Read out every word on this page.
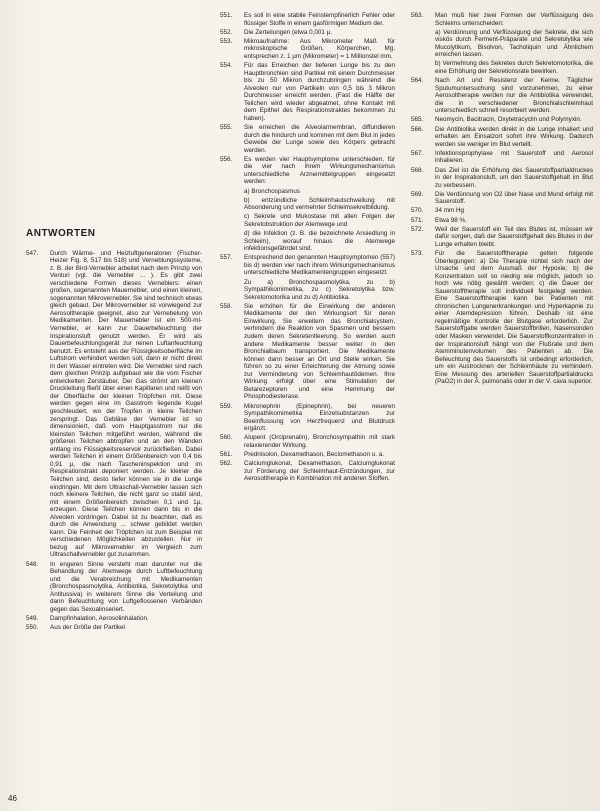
ANTWORTEN
547.	Durch Wärme- und Heizluftgeneratoren (Fischer-Heizer Fig. 8, 517 bis 518) und Verneblungssysteme, z. B. der Bird-Vernebler arbeitet nach dem Prinzip von Venturi (vgl. die Vernebler ... ). Es gibt zwei verschiedene Formen dieses Verneblers: einen großen, sogenannten Mauernebler, und einen kleinen, sogenannten Mikrovernebler. Sie sind technisch etwas gleich gebaut. Der Mikrovernebler ist vorwiegend zur Aerosoltherapie geeignet, also zur Vernebelung von Medikamenten. Der Mauernebler ist ein 500-ml-Vernebler, er kann zur Dauerbefeuchtung der Inspirationsluft genutzt werden. Er wird als Dauerbefeuchtungsgerät zur reinen Luftanfeuchtung benutzt. Es entsteht aus der Flüssigkeitsoberfläche im Luftstrom verhindert werden soll, dann er nicht direkt in den Wasser eintreten wird. Die Vernebler sind nach dem gleichen Prinzip aufgebaut wie die vom Fischer entwickelten Zerstäuber. Der Gas strömt am kleinen Druckleitung fließt über einen Kapillaren und reißt von der Oberfläche der kleinen Tröpfchen mit. Diese werden gegen eine im Gasstrom liegende Kugel geschleudert, wo der Tropfen in kleine Teilchen zerspringt. Das Gebläse der Vernebler ist so dimensioniert, daß vom Hauptgasstrom nur die kleinsten Teilchen mitgeführt werden, während die größeren Teilchen abtropfen und an den Wänden entlang ins Flüssigkeitsreservoir zurückfließen. Dabei werden Teilchen in einem Größenbereich von 0,4 bis 0,91 μ, die nach Tascheninspektion und im Respirationstrakt deponiert werden. Je kleiner die Teilchen sind, desto tiefer können sie in die Lunge eindringen. Mit dem Ultraschall-Vernebler lassen sich noch kleinere Teilchen, die nicht ganz so stabil sind, mit einem Größenbereich zwischen 0,1 und 1μ, erzeugen. Diese Teilchen können dann bis in die Alveolen vordringen. Dabei ist zu beachten, daß es durch die Anwendung ... schwer gebildet werden kann. Die Feinheit der Tröpfchen ist zum Beispiel mit verschiedenen Möglichkeiten abzustellen. Nur in bezug auf Mikrovernebler im Vergleich zum Ultraschallvernebler gut zusammen.
548.	In engeren Sinne versteht man darunter nur die Behandlung der Atemwege durch Luftbefeuchtung und die Verabreichung mit Medikamenten (Bronchospasmolytika, Antibiotika, Sekretolytika und Antitussiva) in weiterem Sinne die Verteilung und dann Befeuchtung von Luftgeflossenen Verbänden gegen das Sexualinseriert.
549.	Dampfinhalation, Aerosolinhalation.
550.	Aus der Größe der Partikel
551.	Es soll in eine stabile Feinstempfinerlich Fehler oder flüssiger Stoffe in einem gasförmigen Medium der.
552.	Die Zerteilungen (etwa 0,001 μ.
553.	Mikroaufnahme: Aus Mikrometer Maß für mikroskopische Größen, Körperchen, Mg. entsprechen z. 1 μm (Mikrometer) = 1 Millionstel mm.
554.	Für das Erreichen der tieferen Lunge bis zu den Hauptbronchien sind Partikel mit einem Durchmesser bis zu 50 Mikron durchzubringen während die Alveolen nur von Partikeln von 0,5 bis 3 Mikron Durchmesser erreicht werden. (Fast die Hälfte der Teilchen wird wieder abgeatmet, ohne Kontakt mit dem Epithel des Respirationstraktes bekommen zu haben).
555.	Sie erreichen die Alveolarmembran, diffundieren durch die hindurch und kommen mit dem Blut in jedes Gewebe der Lunge sowie des Körpers gebracht werden.
556.	Es werden vier Hauptsymptome unterschieden, für die vier nach ihrem Wirkungsmechanismus unterschiedliche Arzneimittelgruppen eingesetzt werden:
a) Bronchospasmus
b) entzündliche Schleimhautschwellung mit Absonderung und vermehrter Schleimsekretbildung.
c) Sekrete und Mukostase mit allen Folgen der Sekretobstruktion der Atemwege und
d) die Infektion (z. B. die bezeichnete Ansiedlung in Schleim), worauf hinaus die Atemwege infektionsgefährdet sind.
557.	Entsprechend den genannten Hauptsymptomen (557) bis d) werden vier nach ihrem Wirkungsmechanismus unterschiedliche Medikamentengruppen eingesetzt.
Zu a) Bronchospasmolytika, zu b) Sympathikomimetika, zu c) Sekretolytika bzw. Sekretomotorika und zu d) Antibiotika.
558.	Sie erhöhen für die Einwirkung der anderen Medikamente der den Wirkungsort für deren Einwirkung. Sie erweitern das Bronchialsystem, verhindern die Reaktion von Spasmen und bessern zudem deren Sekretentleerung. So werden auch andere Medikamente besser weiter in den Bronchialbaum transportiert. Die Medikamente können dann besser an Ort und Stelle wirken. Sie führen so zu einer Erleichterung der Atmung sowie zur Verminderung von Schleimhautödemen. Ihre Wirkung erfolgt über eine Stimulation der Betarezeptoren und eine Hemmung der Phosphodiesterase.
559.	Mikronephrin (Epinephrin), bei neueren Sympathikomimetika Einzelsubstanzen zur Beeinflussung von Herzfrequenz und Blutdruck ergänzt.
560.	Alupent (Orciprenalin), Bronchosympathin mit stark relaxierender Wirkung.
561.	Prednisolon, Dexamethason, Beclomethason u. a.
562.	Calciumglukonat, Dexamethason, Calciumglukonat zur Förderung der Schleimhaut-Entzündungen, zur Aerosoltherapie in Kombination mit anderen Stoffen.
563.	Man muß hier zwei Formen der Verflüssigung des Schleims unterscheiden:
a) Verdünnung und Verflüssigung der Sekrete, die sich viskös durch Ferment-Präparate und Sekretolytika wie Mucolytikum, Bisolvon, Tacholiquin und Ähnlichem erreichen lassen.
b) Vermehrung des Sekretes durch Sekretomotorika, die eine Erhöhung der Sekretionsrate bewirken.
564.	Nach Art und Resistenz der Keime. Täglicher Sputumuntersuchung sind vorzunehmen, zu einer Aerosoltherapie werden nur die Antibiotika verwendet, die in verschiedener Bronchialschleimhaut unterschiedlich schnell resorbiert werden.
565.	Neomycin, Bacitracin, Oxytetracyclin und Polymyxin.
566.	Die Antibiotika werden direkt in die Lunge inhaliert und erhalten am Einsatzort sofort ihre Wirkung. Dadurch werden sie weniger im Blut verteilt.
567.	Infektionsprophylaxe mit Sauerstoff und Aerosol inhalieren.
568.	Das Ziel ist die Erhöhung des Sauerstoffpartialdruckes in der Inspirationsluft, um den Sauerstoffgehalt im Blut zu verbessern.
569.	Die Verdünnung von O2 über Nase und Mund erfolgt mit Sauerstoff.
570.	34 mm Hg
571.	Etwa 98 %.
572.	Weil der Sauerstoff ein Teil des Blutes ist, müssen wir dafür sorgen, daß der Sauerstoffgehalt des Blutes in der Lunge erhalten bleibt.
573.	Für die Sauerstofftherapie gelten folgende Überlegungen: a) Die Therapie richtet sich nach der Ursache und dem Ausmaß der Hypoxie; b) die Konzentration soll so niedrig wie möglich, jedoch so hoch wie nötig gewählt werden; c) die Dauer der Sauerstofftherapie soll individuell festgelegt werden. Eine Sauerstofftherapie kann bei Patienten mit chronischen Lungenerkrankungen und Hyperkapnie zu einer Atemdepression führen. Deshalb ist eine regelmäßige Kontrolle der Blutgase erforderlich. Zur Sauerstoffgabe werden Sauerstoffbrillen, Nasensonden oder Masken verwendet. Die Sauerstoffkonzentration in der Inspirationsluft hängt von der Flußrate und dem Atemminutenvolumen des Patienten ab. Die Befeuchtung des Sauerstoffs ist unbedingt erforderlich, um ein Austrocknen der Schleimhäute zu verhindern. Eine Messung des arteriellen Sauerstoffpartialdrucks (PaO2) in der Ä. pulmonalis oder in der V. cava superior.
46
